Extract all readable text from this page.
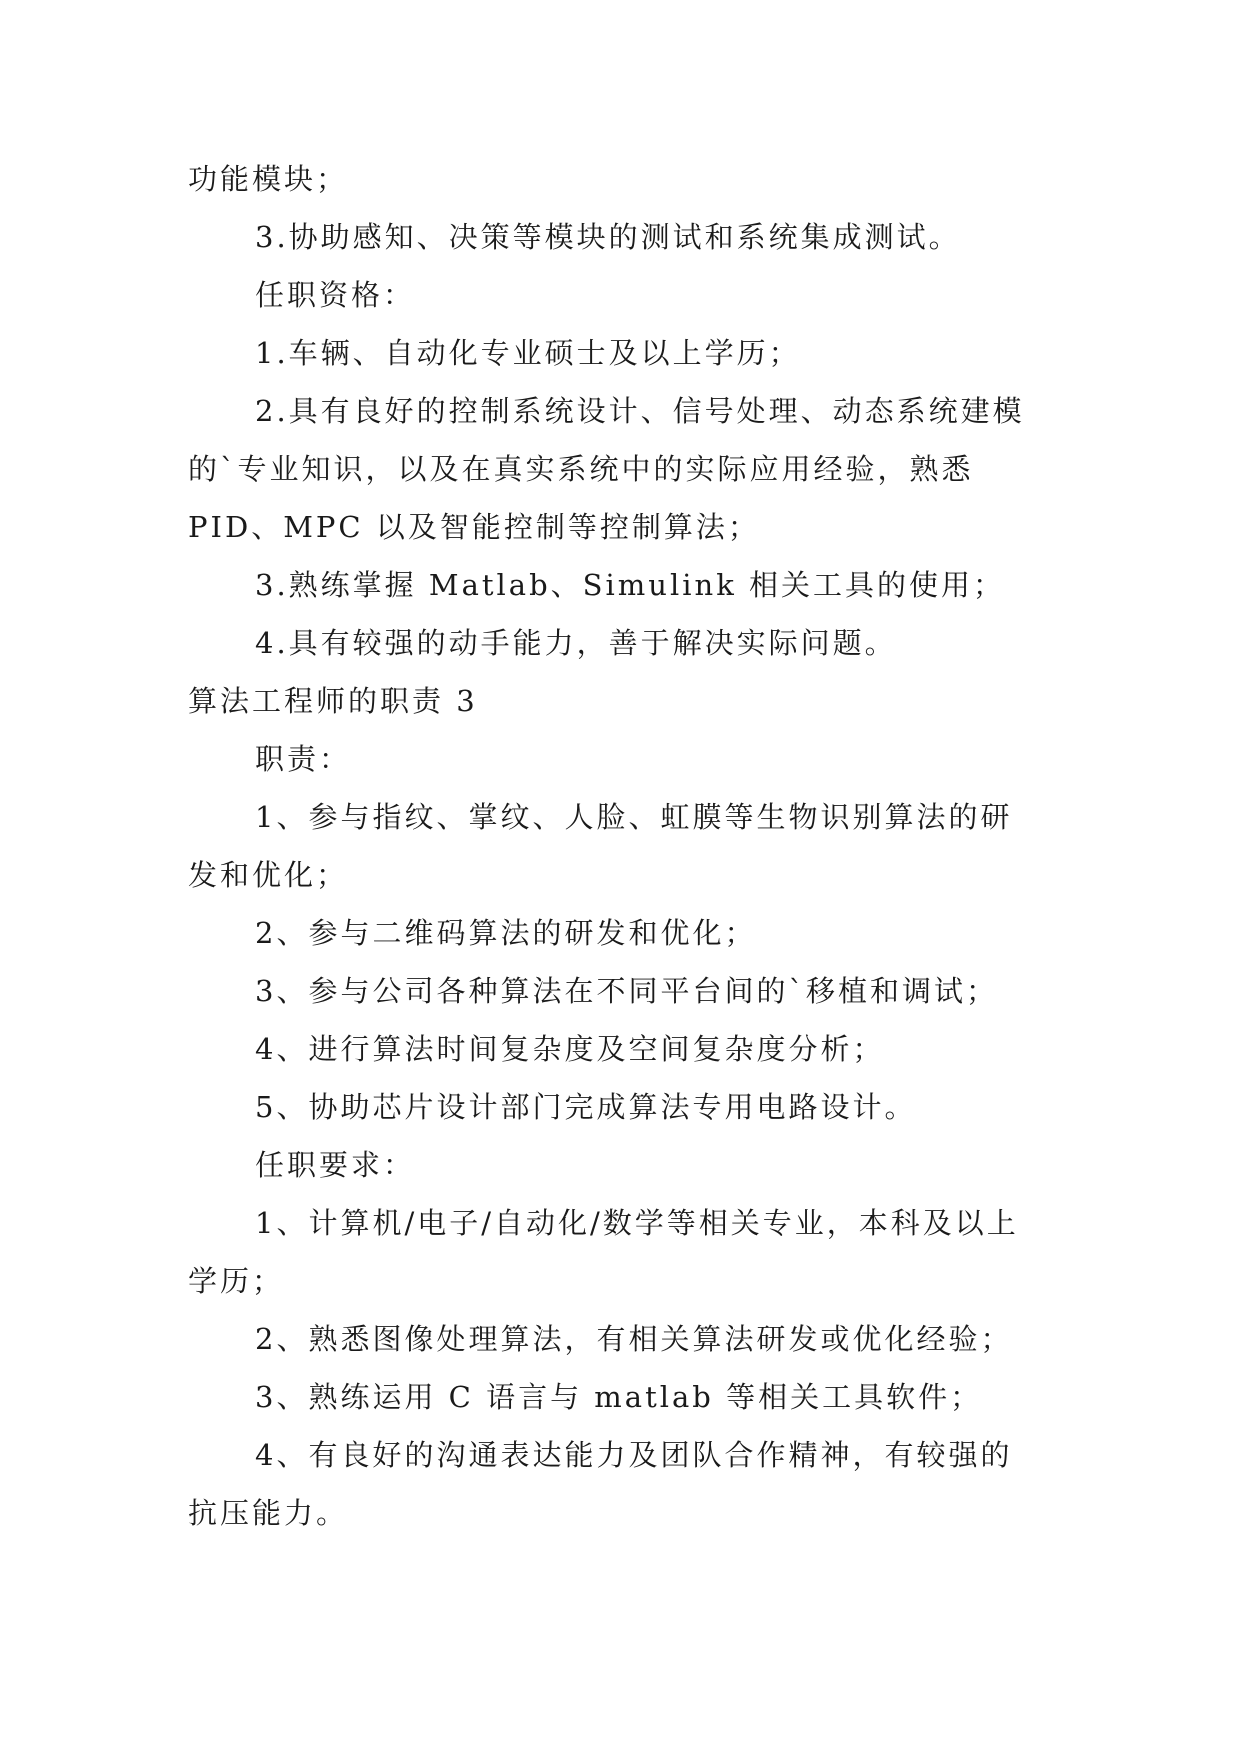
功能模块；
3.协助感知、决策等模块的测试和系统集成测试。
任职资格：
1.车辆、自动化专业硕士及以上学历；
2.具有良好的控制系统设计、信号处理、动态系统建模
的`专业知识，以及在真实系统中的实际应用经验，熟悉
PID、MPC 以及智能控制等控制算法；
3.熟练掌握 Matlab、Simulink 相关工具的使用；
4.具有较强的动手能力，善于解决实际问题。
算法工程师的职责 3
职责：
1、参与指纹、掌纹、人脸、虹膜等生物识别算法的研
发和优化；
2、参与二维码算法的研发和优化；
3、参与公司各种算法在不同平台间的`移植和调试；
4、进行算法时间复杂度及空间复杂度分析；
5、协助芯片设计部门完成算法专用电路设计。
任职要求：
1、计算机/电子/自动化/数学等相关专业，本科及以上
学历；
2、熟悉图像处理算法，有相关算法研发或优化经验；
3、熟练运用 C 语言与 matlab 等相关工具软件；
4、有良好的沟通表达能力及团队合作精神，有较强的
抗压能力。
